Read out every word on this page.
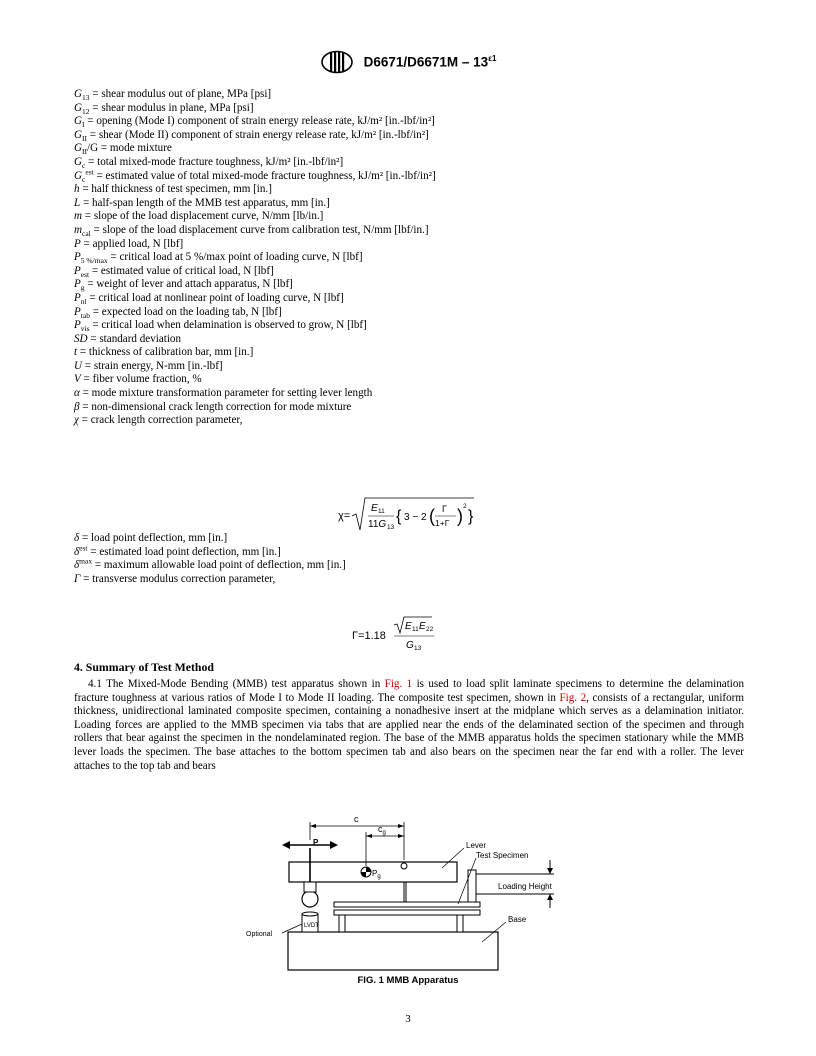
$D6671/D6671M - 13^{\varepsilon 1}$
$G_{13}$ = shear modulus out of plane, MPa [psi]
$G_{12}$ = shear modulus in plane, MPa [psi]
$G_I$ = opening (Mode I) component of strain energy release rate, kJ/m² [in.-lbf/in²]
$G_{II}$ = shear (Mode II) component of strain energy release rate, kJ/m² [in.-lbf/in²]
$G_{II}/G$ = mode mixture
$G_c$ = total mixed-mode fracture toughness, kJ/m² [in.-lbf/in²]
$G_c^{est}$ = estimated value of total mixed-mode fracture toughness, kJ/m² [in.-lbf/in²]
h = half thickness of test specimen, mm [in.]
L = half-span length of the MMB test apparatus, mm [in.]
m = slope of the load displacement curve, N/mm [lb/in.]
$m_{cal}$ = slope of the load displacement curve from calibration test, N/mm [lbf/in.]
P = applied load, N [lbf]
$P_{5 \%/max}$ = critical load at 5 %/max point of loading curve, N [lbf]
$P_{est}$ = estimated value of critical load, N [lbf]
$P_g$ = weight of lever and attach apparatus, N [lbf]
$P_{nl}$ = critical load at nonlinear point of loading curve, N [lbf]
$P_{tab}$ = expected load on the loading tab, N [lbf]
$P_{vis}$ = critical load when delamination is observed to grow, N [lbf]
SD = standard deviation
t = thickness of calibration bar, mm [in.]
U = strain energy, N-mm [in.-lbf]
V = fiber volume fraction, %
α = mode mixture transformation parameter for setting lever length
β = non-dimensional crack length correction for mode mixture
χ = crack length correction parameter,
χ=
E 11
11G 13
{ 3 − 2 ( Γ
1+Γ ) 2
}
δ = load point deflection, mm [in.]
$\delta^{est}$ = estimated load point deflection, mm [in.]
$\delta^{max}$ = maximum allowable load point of deflection, mm [in.]
Γ = transverse modulus correction parameter,
Γ=1.18
E 11 E 22
G 13
4. Summary of Test Method
4.1 The Mixed-Mode Bending (MMB) test apparatus shown in Fig. 1 is used to load split laminate specimens to determine the delamination fracture toughness at various ratios of Mode I to Mode II loading. The composite test specimen, shown in Fig. 2, consists of a rectangular, uniform thickness, unidirectional laminated composite specimen, containing a nonadhesive insert at the midplane which serves as a delamination initiator. Loading forces are applied to the MMB specimen via tabs that are applied near the ends of the delaminated section of the specimen and through rollers that bear against the specimen in the nondelaminated region. The base of the MMB apparatus holds the specimen stationary while the MMB lever loads the specimen. The base attaches to the bottom specimen tab and also bears on the specimen near the far end with a roller. The lever attaches to the top tab and bears
c
$c_g$
P
$P_g$
Lever
Test Specimen
Loading Height
Base
Optional
LVDT
FIG. 1 MMB Apparatus
3
